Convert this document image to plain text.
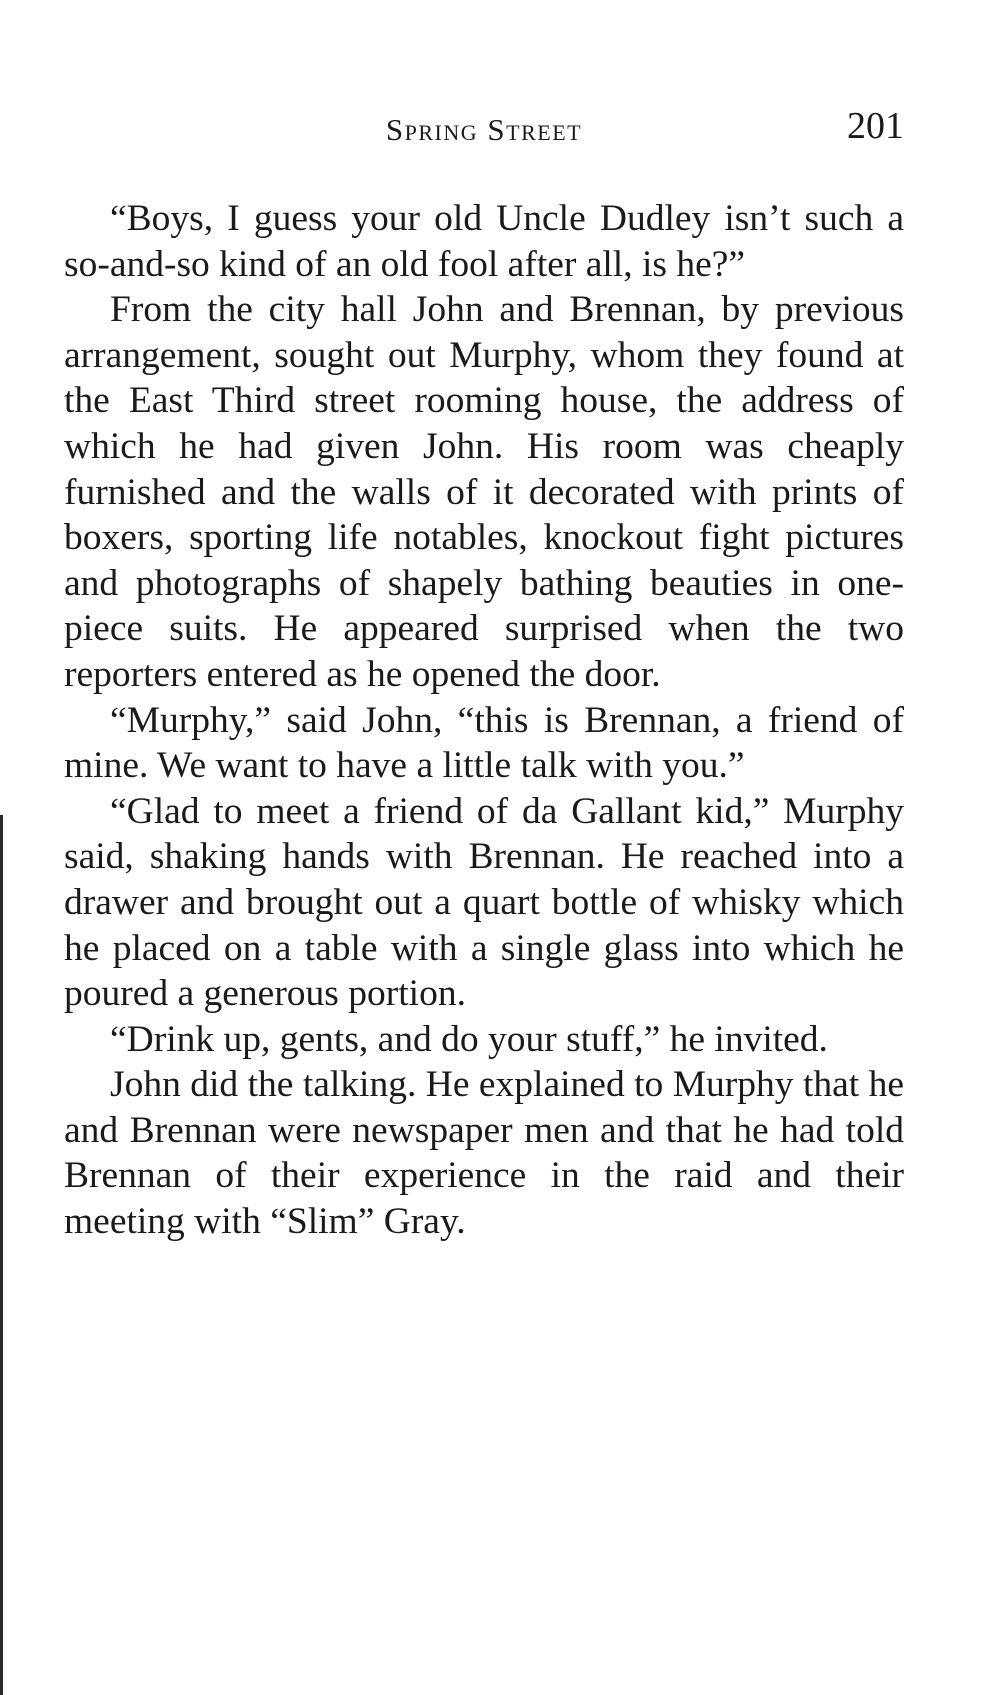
Spring Street	201

“Boys, I guess your old Uncle Dudley isn’t such a so-and-so kind of an old fool after all, is he?”

From the city hall John and Brennan, by previous arrangement, sought out Murphy, whom they found at the East Third street rooming house, the address of which he had given John. His room was cheaply furnished and the walls of it decorated with prints of boxers, sporting life notables, knockout fight pictures and photographs of shapely bathing beauties in one-piece suits. He appeared surprised when the two reporters entered as he opened the door.

“Murphy,” said John, “this is Brennan, a friend of mine. We want to have a little talk with you.”

“Glad to meet a friend of da Gallant kid,” Murphy said, shaking hands with Brennan. He reached into a drawer and brought out a quart bottle of whisky which he placed on a table with a single glass into which he poured a generous portion.

“Drink up, gents, and do your stuff,” he invited.

John did the talking. He explained to Murphy that he and Brennan were newspaper men and that he had told Brennan of their experience in the raid and their meeting with “Slim” Gray.
